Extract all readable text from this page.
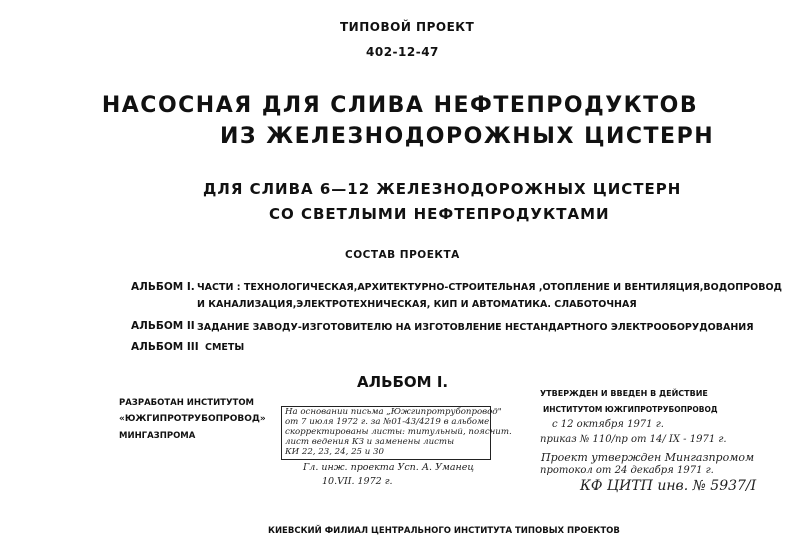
ТИПОВОЙ ПРОЕКТ
402-12-47
НАСОСНАЯ ДЛЯ СЛИВА НЕФТЕПРОДУКТОВ
ИЗ ЖЕЛЕЗНОДОРОЖНЫХ ЦИСТЕРН
ДЛЯ СЛИВА 6—12 ЖЕЛЕЗНОДОРОЖНЫХ ЦИСТЕРН
СО СВЕТЛЫМИ НЕФТЕПРОДУКТАМИ
СОСТАВ ПРОЕКТА
АЛЬБОМ I. ЧАСТИ : ТЕХНОЛОГИЧЕСКАЯ,АРХИТЕКТУРНО-СТРОИТЕЛЬНАЯ ,ОТОПЛЕНИЕ И ВЕНТИЛЯЦИЯ,ВОДОПРОВОД
И КАНАЛИЗАЦИЯ,ЭЛЕКТРОТЕХНИЧЕСКАЯ, КИП И АВТОМАТИКА. СЛАБОТОЧНАЯ
АЛЬБОМ II ЗАДАНИЕ ЗАВОДУ-ИЗГОТОВИТЕЛЮ НА ИЗГОТОВЛЕНИЕ НЕСТАНДАРТНОГО ЭЛЕКТРООБОРУДОВАНИЯ
АЛЬБОМ III СМЕТЫ
АЛЬБОМ I.
РАЗРАБОТАН ИНСТИТУТОМ
«ЮЖГИПРОТРУБОПРОВОД»
МИНГАЗПРОМА
На основании письма „Южгипротрубопровод"
от 7 июля 1972 г. за №01-43/4219 в альбоме
скорректированы листы: титульный, пояснит.
лист ведения КЗ и заменены листы
КИ 22, 23, 24, 25 и 30
Гл. инж. проекта Усп. А. Уманец
10.VII. 1972 г.
УТВЕРЖДЕН И ВВЕДЕН В ДЕЙСТВИЕ
ИНСТИТУТОМ ЮЖГИПРОТРУБОПРОВОД
с 12 октября 1971 г.
приказ № 110/пр от 14/ IX - 1971 г.
Проект утвержден Мингазпромом
протокол от 24 декабря 1971 г.
КФ ЦИТП инв. № 5937/I
КИЕВСКИЙ ФИЛИАЛ ЦЕНТРАЛЬНОГО ИНСТИТУТА ТИПОВЫХ ПРОЕКТОВ
